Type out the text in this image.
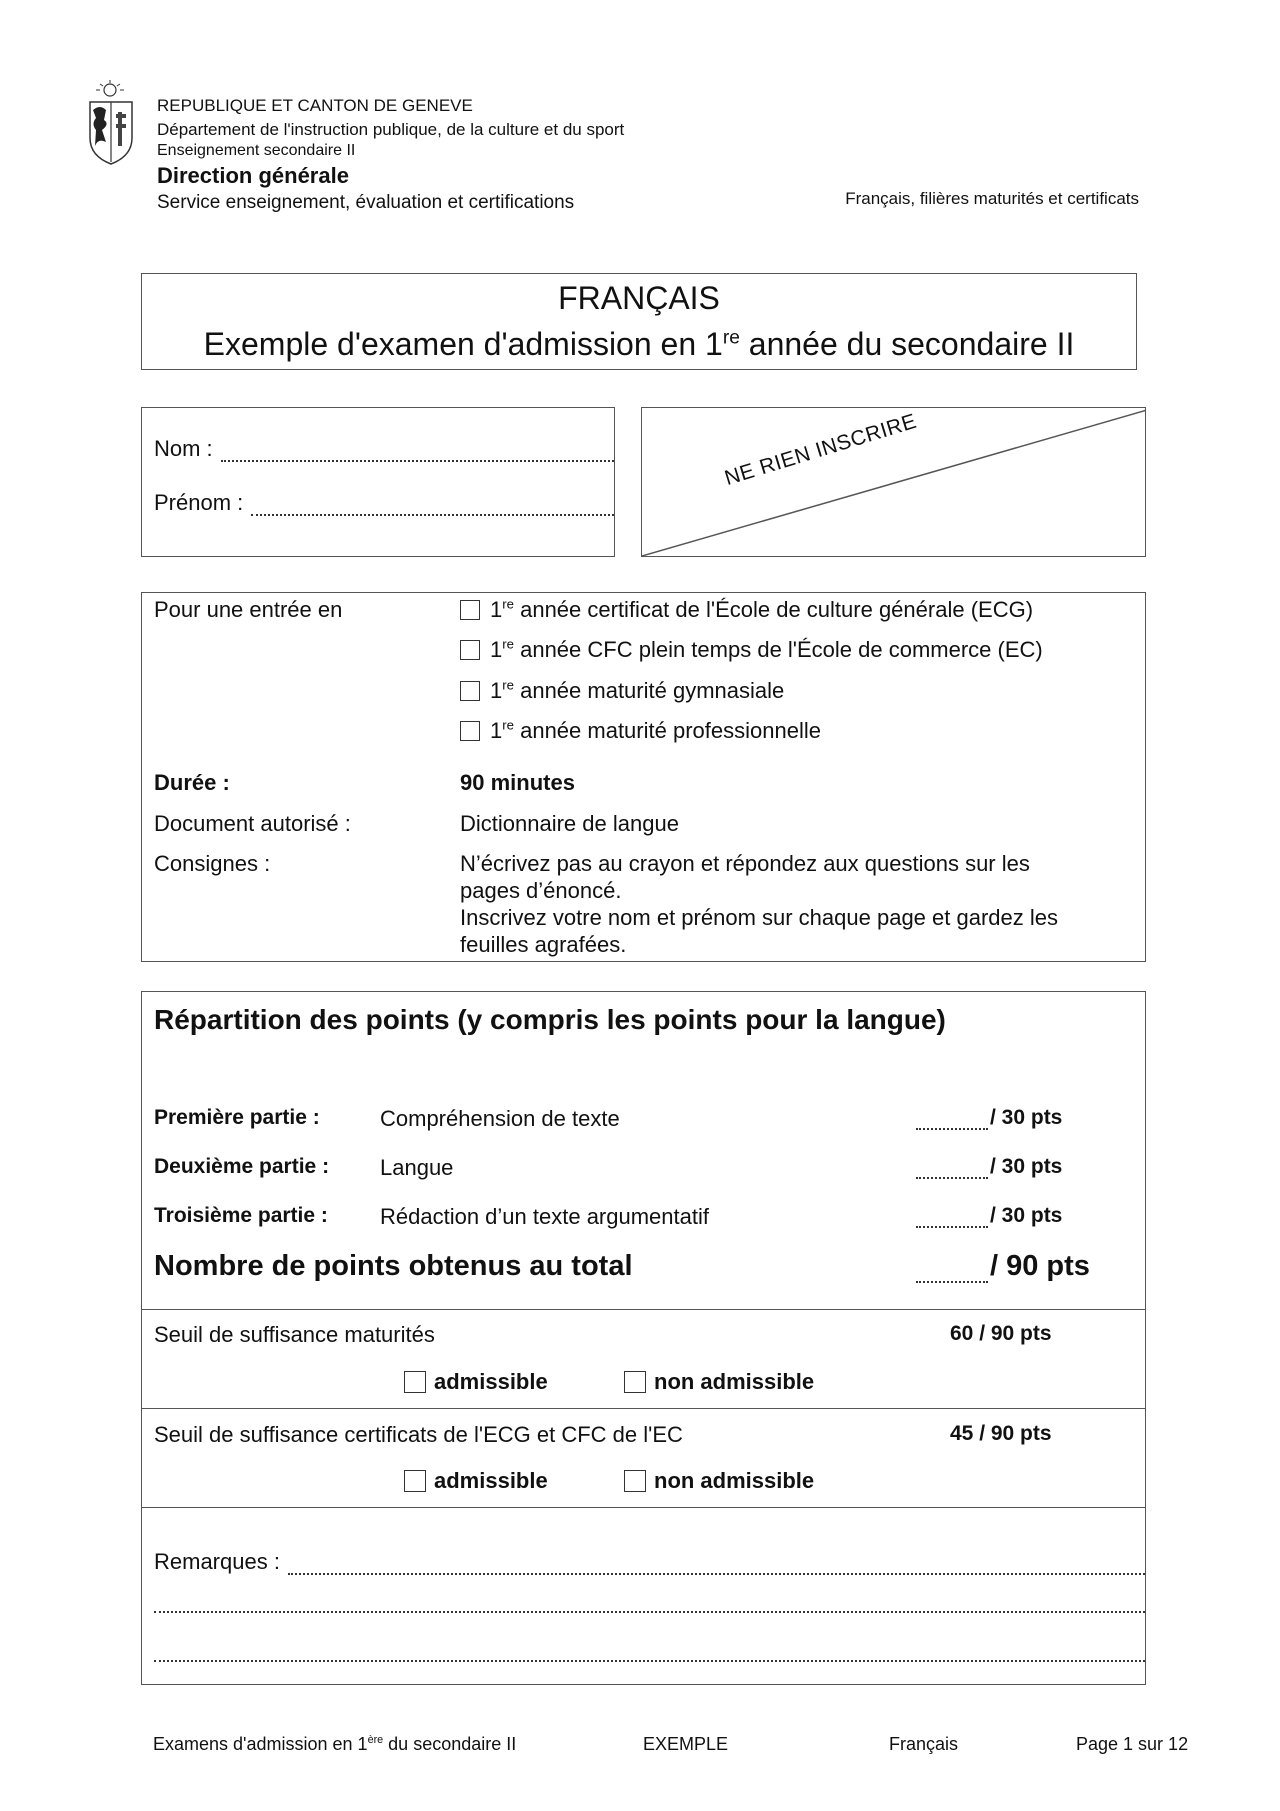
REPUBLIQUE ET CANTON DE GENEVE
Département de l'instruction publique, de la culture et du sport
Enseignement secondaire II
Direction générale
Service enseignement, évaluation et certifications	Français, filières maturités et certificats
FRANÇAIS
Exemple d'examen d'admission en 1re année du secondaire II
Nom :
Prénom :
NE RIEN INSCRIRE
Pour une entrée en	1re année certificat de l'École de culture générale (ECG)
1re année CFC plein temps de l'École de commerce (EC)
1re année maturité gymnasiale
1re année maturité professionnelle
Durée :	90 minutes
Document autorisé :	Dictionnaire de langue
Consignes :	N’écrivez pas au crayon et répondez aux questions sur les
pages d’énoncé.
Inscrivez votre nom et prénom sur chaque page et gardez les
feuilles agrafées.
Répartition des points (y compris les points pour la langue)
Première partie :	Compréhension de texte	/ 30 pts
Deuxième partie : Langue	/ 30 pts
Troisième partie : Rédaction d’un texte argumentatif	/ 30 pts
Nombre de points obtenus au total	/ 90 pts
Seuil de suffisance maturités	60 / 90 pts
admissible	non admissible
Seuil de suffisance certificats de l'ECG et CFC de l'EC	45 / 90 pts
admissible	non admissible
Remarques :
Examens d'admission en 1ère du secondaire II	EXEMPLE	Français	Page 1 sur 12
